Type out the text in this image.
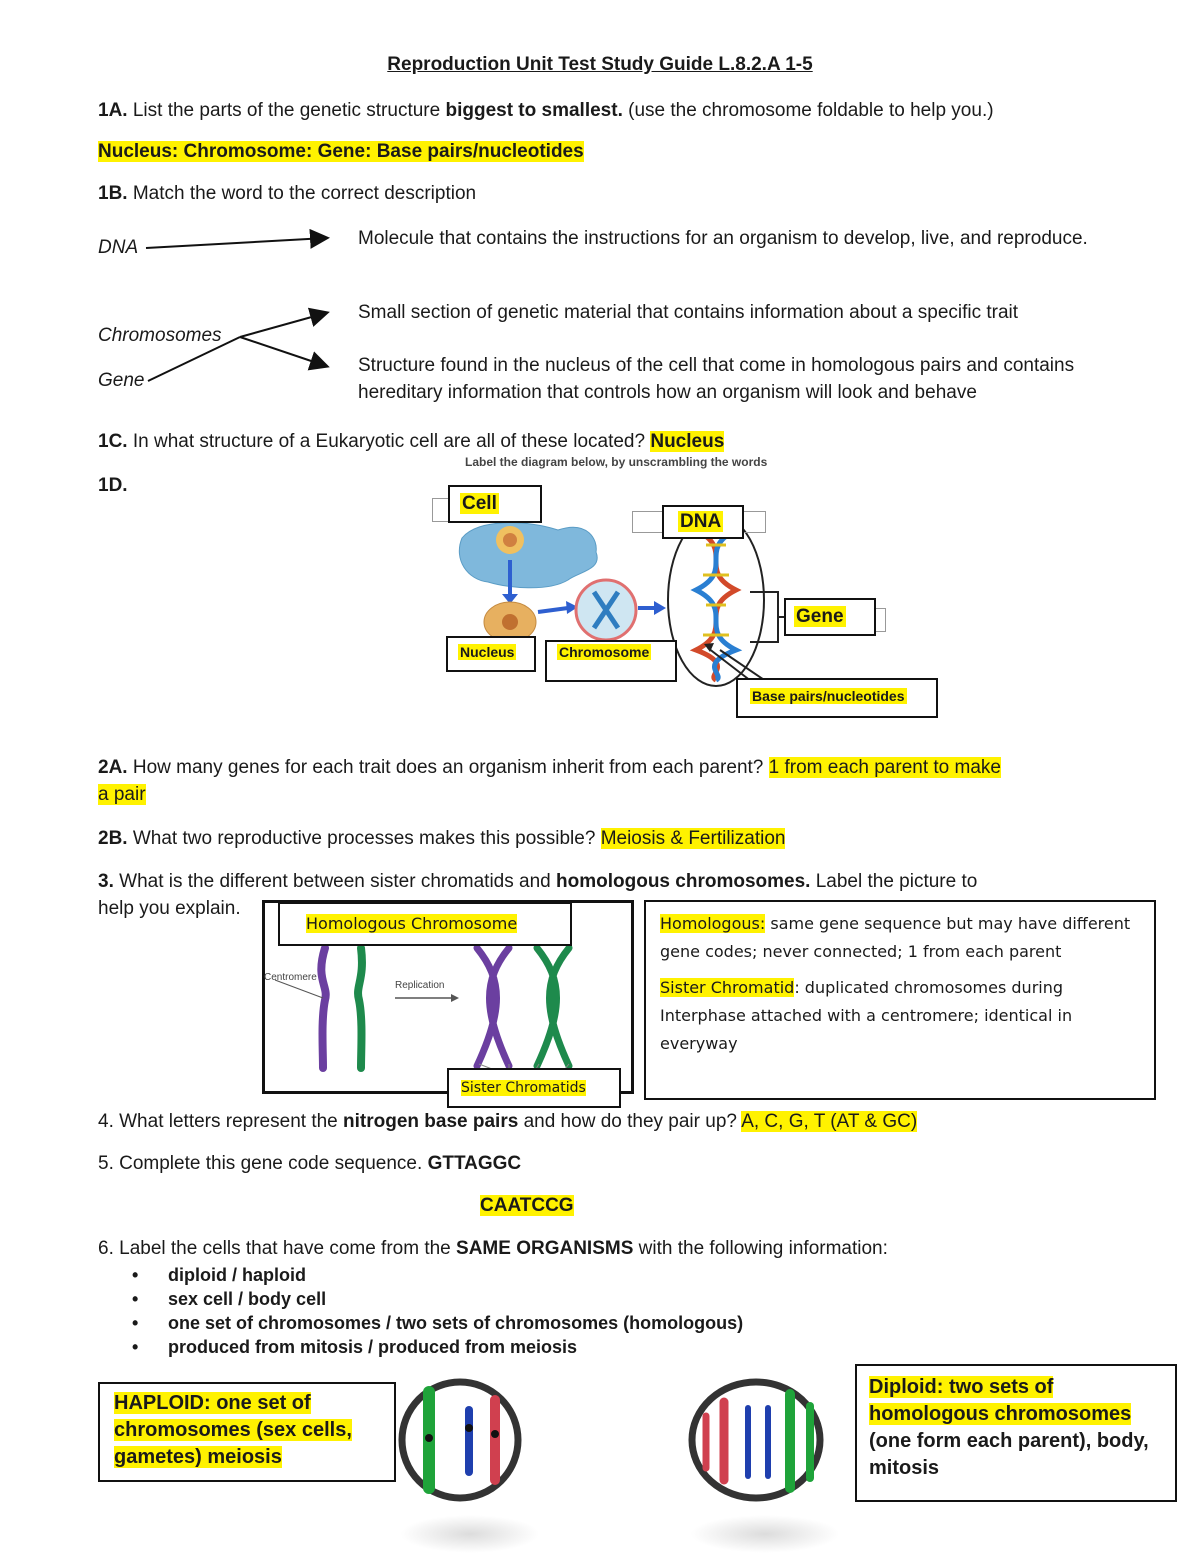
Reproduction Unit Test Study Guide L.8.2.A 1-5
1A. List the parts of the genetic structure biggest to smallest. (use the chromosome foldable to help you.)
Nucleus: Chromosome: Gene: Base pairs/nucleotides
1B. Match the word to the correct description
DNA
Chromosomes
Gene
Molecule that contains the instructions for an organism to develop, live, and reproduce.
Small section of genetic material that contains information about a specific trait
Structure found in the nucleus of the cell that come in homologous pairs and contains hereditary information that controls how an organism will look and behave
1C. In what structure of a Eukaryotic cell are all of these located? Nucleus
1D.
Label the diagram below, by unscrambling the words
Cell
DNA
Gene
Nucleus	Chromosome
Base pairs/nucleotides
2A. How many genes for each trait does an organism inherit from each parent? 1 from each parent to make
a pair
2B. What two reproductive processes makes this possible? Meiosis & Fertilization
3. What is the different between sister chromatids and homologous chromosomes. Label the picture to
help you explain.
Centromere
Replication
Homologous Chromosome
Sister Chromatids
Homologous: same gene sequence but may have different gene codes; never connected; 1 from each parent
Sister Chromatid: duplicated chromosomes during Interphase attached with a centromere; identical in everyway
4. What letters represent the nitrogen base pairs and how do they pair up? A, C, G, T (AT & GC)
5. Complete this gene code sequence. GTTAGGC
CAATCCG
6. Label the cells that have come from the SAME ORGANISMS with the following information:
• diploid / haploid
• sex cell / body cell
• one set of chromosomes / two sets of chromosomes (homologous)
• produced from mitosis / produced from meiosis
HAPLOID: one set of chromosomes (sex cells, gametes) meiosis
Diploid: two sets of homologous chromosomes (one form each parent), body, mitosis
